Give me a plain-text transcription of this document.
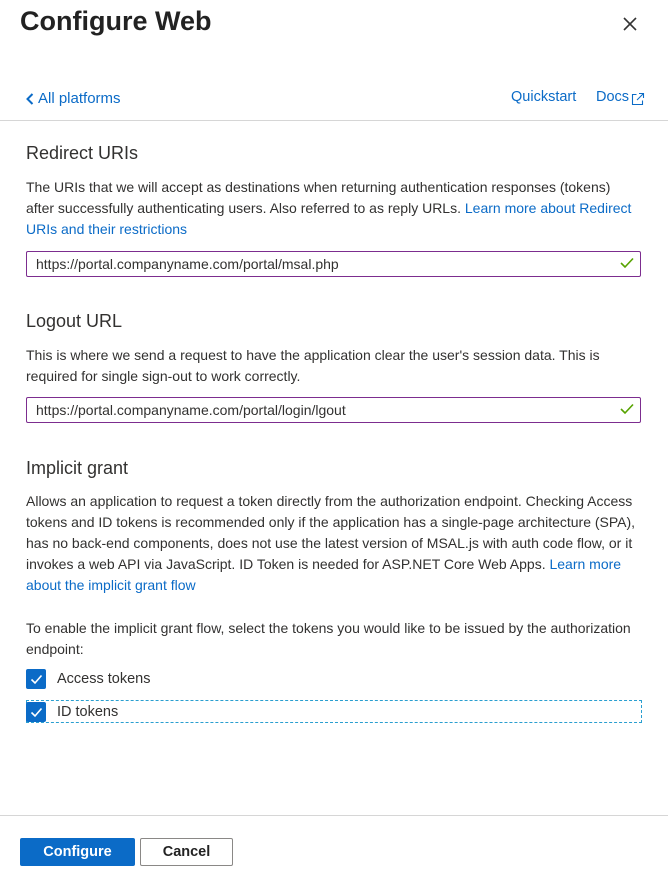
Configure Web
All platforms	Quickstart Docs
Redirect URIs

The URIs that we will accept as destinations when returning authentication responses (tokens) after successfully authenticating users. Also referred to as reply URLs. Learn more about Redirect URIs and their restrictions

https://portal.companyname.com/portal/msal.php
Logout URL

This is where we send a request to have the application clear the user's session data. This is required for single sign-out to work correctly.

https://portal.companyname.com/portal/login/lgout
Implicit grant

Allows an application to request a token directly from the authorization endpoint. Checking Access tokens and ID tokens is recommended only if the application has a single-page architecture (SPA), has no back-end components, does not use the latest version of MSAL.js with auth code flow, or it invokes a web API via JavaScript. ID Token is needed for ASP.NET Core Web Apps. Learn more about the implicit grant flow

To enable the implicit grant flow, select the tokens you would like to be issued by the authorization endpoint:

Access tokens
ID tokens
Configure	Cancel
